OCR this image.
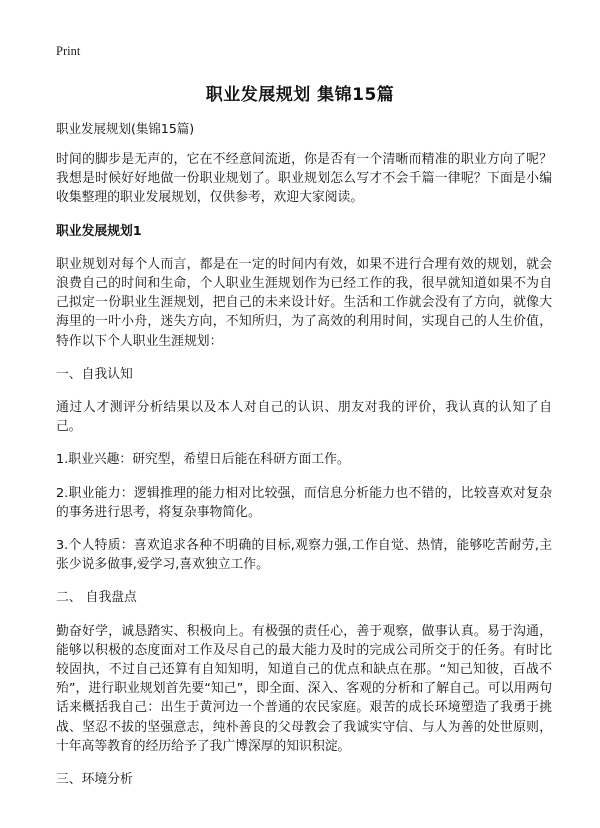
Print
职业发展规划 集锦15篇
职业发展规划(集锦15篇)

时间的脚步是无声的，它在不经意间流逝，你是否有一个清晰而精准的职业方向了呢？我想是时候好好地做一份职业规划了。职业规划怎么写才不会千篇一律呢？下面是小编收集整理的职业发展规划，仅供参考，欢迎大家阅读。

职业发展规划1

职业规划对每个人而言，都是在一定的时间内有效，如果不进行合理有效的规划，就会浪费自己的时间和生命，个人职业生涯规划作为已经工作的我，很早就知道如果不为自己拟定一份职业生涯规划，把自己的未来设计好。生活和工作就会没有了方向，就像大海里的一叶小舟，迷失方向，不知所归，为了高效的利用时间，实现自己的人生价值，特作以下个人职业生涯规划：

一、自我认知

通过人才测评分析结果以及本人对自己的认识、朋友对我的评价，我认真的认知了自己。

1.职业兴趣：研究型，希望日后能在科研方面工作。

2.职业能力：逻辑推理的能力相对比较强，而信息分析能力也不错的，比较喜欢对复杂的事务进行思考，将复杂事物简化。

3.个人特质：喜欢追求各种不明确的目标,观察力强,工作自觉、热情，能够吃苦耐劳,主张少说多做事,爱学习,喜欢独立工作。

二、 自我盘点

勤奋好学，诚恳踏实、积极向上。有极强的责任心，善于观察，做事认真。易于沟通，能够以积极的态度面对工作及尽自己的最大能力及时的完成公司所交于的任务。有时比较固执，不过自己还算有自知知明，知道自己的优点和缺点在那。“知己知彼，百战不殆”，进行职业规划首先要“知己”，即全面、深入、客观的分析和了解自己。可以用两句话来概括我自己：出生于黄河边一个普通的农民家庭。艰苦的成长环境塑造了我勇于挑战、坚忍不拔的坚强意志，纯朴善良的父母教会了我诚实守信、与人为善的处世原则，十年高等教育的经历给予了我广博深厚的知识积淀。

三、环境分析
